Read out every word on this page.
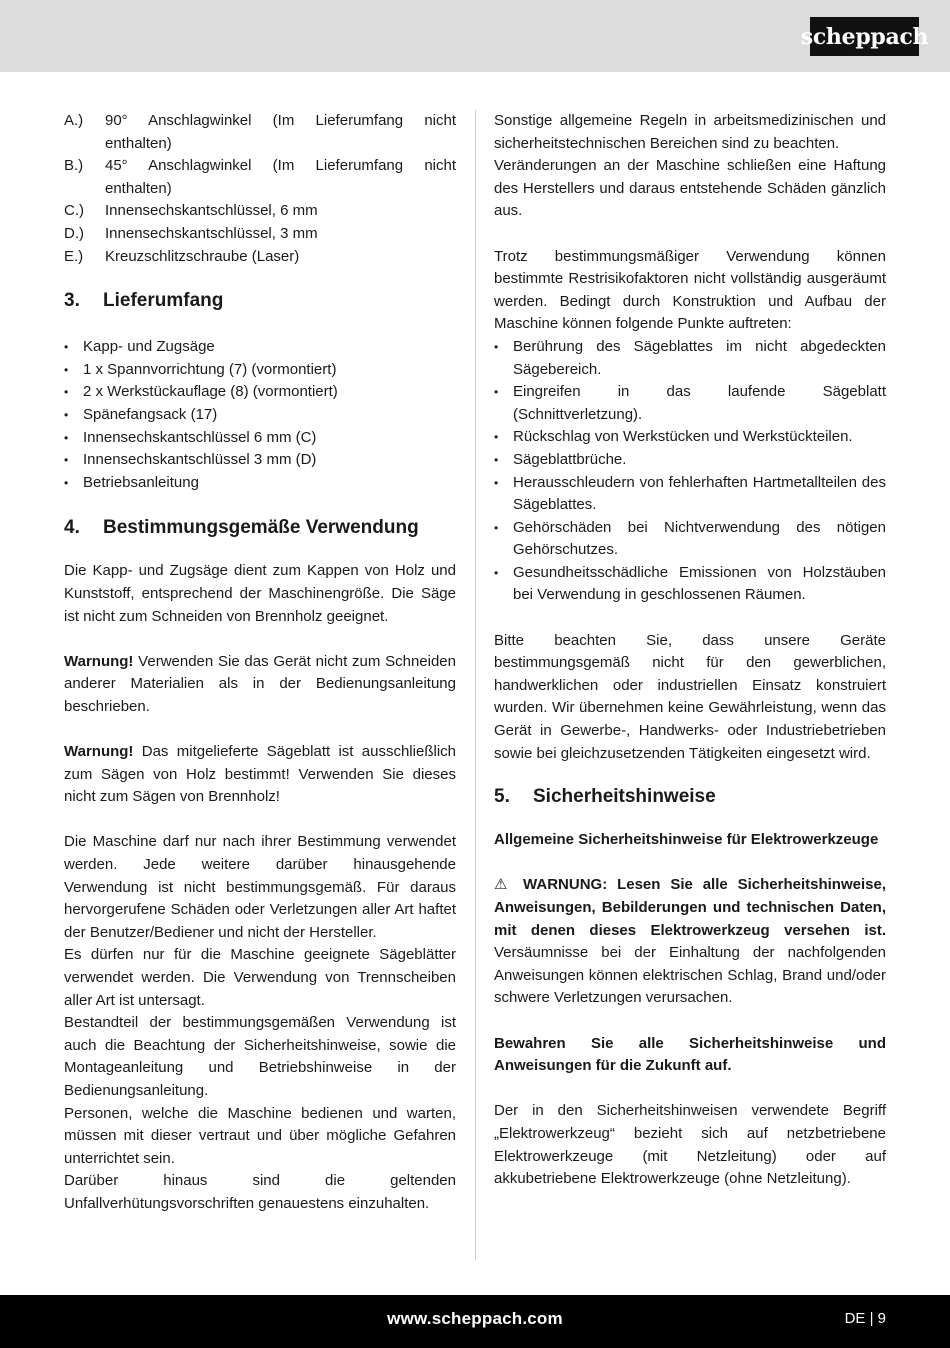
scheppach
A.)	90° Anschlagwinkel (Im Lieferumfang nicht enthalten)
B.)	45° Anschlagwinkel (Im Lieferumfang nicht enthalten)
C.)	Innensechskantschlüssel, 6 mm
D.)	Innensechskantschlüssel, 3 mm
E.)	Kreuzschlitzschraube (Laser)
3.	Lieferumfang
• Kapp- und Zugsäge
• 1 x Spannvorrichtung (7) (vormontiert)
• 2 x Werkstückauflage (8) (vormontiert)
• Spänefangsack (17)
• Innensechskantschlüssel 6 mm (C)
• Innensechskantschlüssel 3 mm (D)
• Betriebsanleitung
4.	Bestimmungsgemäße Verwendung

Die Kapp- und Zugsäge dient zum Kappen von Holz und Kunststoff, entsprechend der Maschinengröße. Die Säge ist nicht zum Schneiden von Brennholz geeignet.

Warnung! Verwenden Sie das Gerät nicht zum Schneiden anderer Materialien als in der Bedienungsanleitung beschrieben.

Warnung! Das mitgelieferte Sägeblatt ist ausschließlich zum Sägen von Holz bestimmt! Verwenden Sie dieses nicht zum Sägen von Brennholz!

Die Maschine darf nur nach ihrer Bestimmung verwendet werden. Jede weitere darüber hinausgehende Verwendung ist nicht bestimmungsgemäß. Für daraus hervorgerufene Schäden oder Verletzungen aller Art haftet der Benutzer/Bediener und nicht der Hersteller.

Es dürfen nur für die Maschine geeignete Sägeblätter verwendet werden. Die Verwendung von Trennscheiben aller Art ist untersagt.

Bestandteil der bestimmungsgemäßen Verwendung ist auch die Beachtung der Sicherheitshinweise, sowie die Montageanleitung und Betriebshinweise in der Bedienungsanleitung.

Personen, welche die Maschine bedienen und warten, müssen mit dieser vertraut und über mögliche Gefahren unterrichtet sein.

Darüber hinaus sind die geltenden Unfallverhütungsvorschriften genauestens einzuhalten.

Sonstige allgemeine Regeln in arbeitsmedizinischen und sicherheitstechnischen Bereichen sind zu beachten.

Veränderungen an der Maschine schließen eine Haftung des Herstellers und daraus entstehende Schäden gänzlich aus.

Trotz bestimmungsmäßiger Verwendung können bestimmte Restrisikofaktoren nicht vollständig ausgeräumt werden. Bedingt durch Konstruktion und Aufbau der Maschine können folgende Punkte auftreten:

• Berührung des Sägeblattes im nicht abgedeckten Sägebereich.
• Eingreifen in das laufende Sägeblatt (Schnittverletzung).
• Rückschlag von Werkstücken und Werkstückteilen.
• Sägeblattbrüche.
• Herausschleudern von fehlerhaften Hartmetallteilen des Sägeblattes.
• Gehörschäden bei Nichtverwendung des nötigen Gehörschutzes.
• Gesundheitsschädliche Emissionen von Holzstäuben bei Verwendung in geschlossenen Räumen.

Bitte beachten Sie, dass unsere Geräte bestimmungsgemäß nicht für den gewerblichen, handwerklichen oder industriellen Einsatz konstruiert wurden. Wir übernehmen keine Gewährleistung, wenn das Gerät in Gewerbe-, Handwerks- oder Industriebetrieben sowie bei gleichzusetzenden Tätigkeiten eingesetzt wird.

5.	Sicherheitshinweise

Allgemeine Sicherheitshinweise für Elektrowerkzeuge

⚠ WARNUNG: Lesen Sie alle Sicherheitshinweise, Anweisungen, Bebilderungen und technischen Daten, mit denen dieses Elektrowerkzeug versehen ist. Versäumnisse bei der Einhaltung der nachfolgenden Anweisungen können elektrischen Schlag, Brand und/oder schwere Verletzungen verursachen.

Bewahren Sie alle Sicherheitshinweise und Anweisungen für die Zukunft auf.

Der in den Sicherheitshinweisen verwendete Begriff „Elektrowerkzeug“ bezieht sich auf netzbetriebene Elektrowerkzeuge (mit Netzleitung) oder auf akkubetriebene Elektrowerkzeuge (ohne Netzleitung).

www.scheppach.com	DE | 9
